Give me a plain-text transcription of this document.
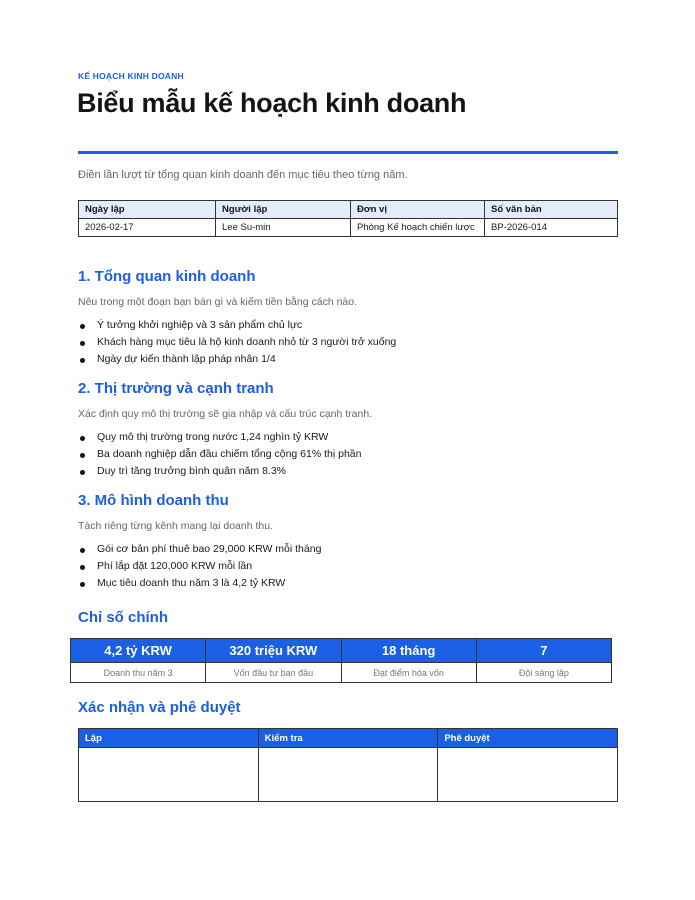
KẾ HOẠCH KINH DOANH
Biểu mẫu kế hoạch kinh doanh
Điền lần lượt từ tổng quan kinh doanh đến mục tiêu theo từng năm.
Ngày lập	Người lập	Đơn vị	Số văn bản
2026-02-17	Lee Su-min	Phòng Kế hoạch chiến lược	BP-2026-014
1. Tổng quan kinh doanh
Nêu trong một đoạn bạn bán gì và kiếm tiền bằng cách nào.
Ý tưởng khởi nghiệp và 3 sản phẩm chủ lực
Khách hàng mục tiêu là hộ kinh doanh nhỏ từ 3 người trở xuống
Ngày dự kiến thành lập pháp nhân 1/4
2. Thị trường và cạnh tranh
Xác định quy mô thị trường sẽ gia nhập và cấu trúc cạnh tranh.
Quy mô thị trường trong nước 1,24 nghìn tỷ KRW
Ba doanh nghiệp dẫn đầu chiếm tổng cộng 61% thị phần
Duy trì tăng trưởng bình quân năm 8.3%
3. Mô hình doanh thu
Tách riêng từng kênh mang lại doanh thu.
Gói cơ bản phí thuê bao 29,000 KRW mỗi tháng
Phí lắp đặt 120,000 KRW mỗi lần
Mục tiêu doanh thu năm 3 là 4,2 tỷ KRW
Chỉ số chính
4,2 tỷ KRW	320 triệu KRW	18 tháng	7
Doanh thu năm 3	Vốn đầu tư ban đầu	Đạt điểm hòa vốn	Đội sáng lập
Xác nhận và phê duyệt
Lập	Kiểm tra	Phê duyệt
